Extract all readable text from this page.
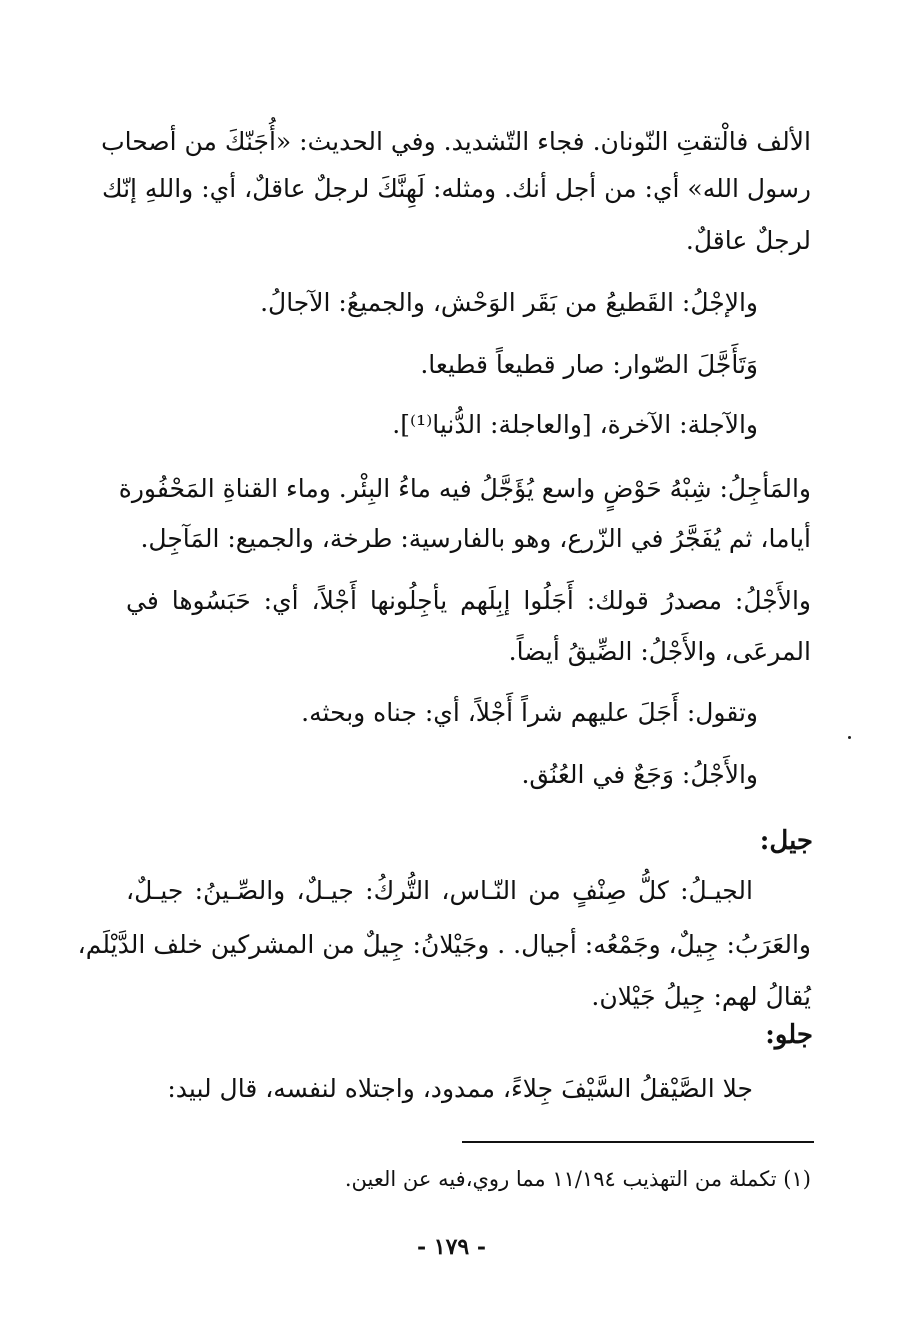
الألف فالْتقتِ النّونان. فجاء التّشديد. وفي الحديث: «أُجَنّكَ من أصحاب
رسول الله» أي: من أجل أنك. ومثله: لَهِنَّكَ لرجلٌ عاقلٌ، أي: واللهِ إنّك
لرجلٌ عاقلٌ.
والإجْلُ: القَطيعُ من بَقَر الوَحْش، والجميعُ: الآجالُ.
وَتَأَجَّلَ الصّوار: صار قطيعاً قطيعا.
والآجلة: الآخرة، [والعاجلة: الدُّنيا⁽¹⁾].
والمَأجِلُ: شِبْهُ حَوْضٍ واسع يُؤَجَّلُ فيه ماءُ البِئْر. وماء القناةِ المَحْفُورة
أياما، ثم يُفَجَّرُ في الزّرع، وهو بالفارسية: طرخة، والجميع: المَآجِل.
والأَجْلُ: مصدرُ قولك: أَجَلُوا إبِلَهم يأجِلُونها أَجْلاً، أي: حَبَسُوها في
المرعَى، والأَجْلُ: الضِّيقُ أيضاً.
وتقول: أَجَلَ عليهم شراً أَجْلاً، أي: جناه وبحثه.
والأَجْلُ: وَجَعٌ في العُنُق.
جيل:
الجيـلُ: كلُّ صِنْفٍ من النّـاس، التُّركُ: جيـلٌ، والصِّـينُ: جيـلٌ،
والعَرَبُ: جِيلٌ، وجَمْعُه: أجيال. . وجَيْلانُ: جِيلٌ من المشركين خلف الدَّيْلَم،
يُقالُ لهم: جِيلُ جَيْلان.
جلو:
جلا الصَّيْقلُ السَّيْفَ جِلاءً، ممدود، واجتلاه لنفسه، قال لبيد:
(١) تكملة من التهذيب ١١/١٩٤ مما روي،فيه عن العين.
- ١٧٩ -
